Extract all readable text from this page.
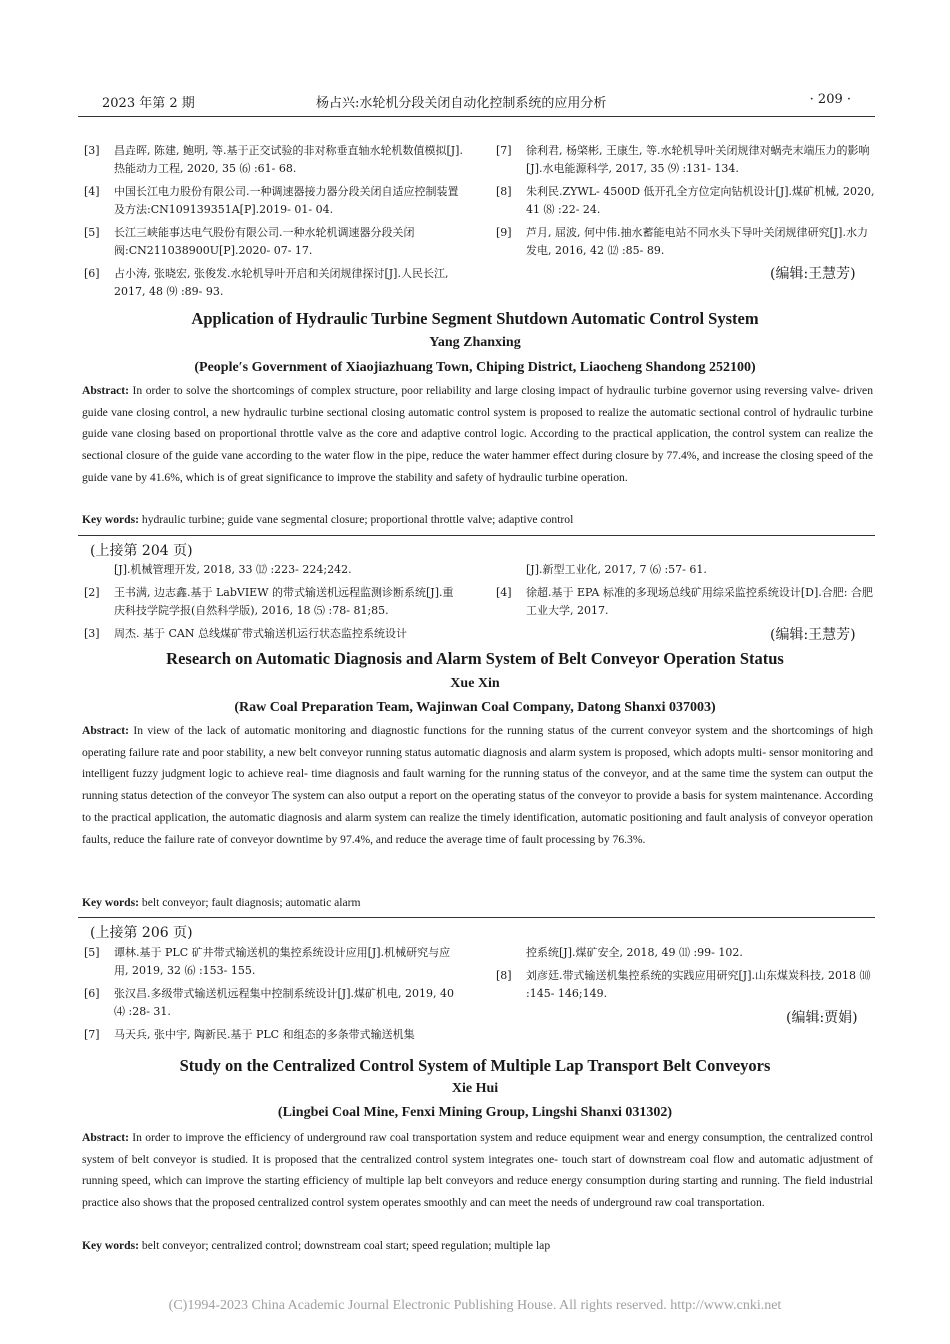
2023 年第 2 期	杨占兴:水轮机分段关闭自动化控制系统的应用分析	· 209 ·
[3] 昌垚晖, 陈建, 鲍明, 等.基于正交试验的非对称垂直轴水轮机数值模拟[J].热能动力工程, 2020, 35 ⑹ :61- 68.
[4] 中国长江电力股份有限公司.一种调速器接力器分段关闭自适应控制装置及方法:CN109139351A[P].2019- 01- 04.
[5] 长江三峡能事达电气股份有限公司.一种水轮机调速器分段关闭阀:CN211038900U[P].2020- 07- 17.
[6] 占小涛, 张晓宏, 张俊发.水轮机导叶开启和关闭规律探讨[J].人民长江, 2017, 48 ⑼ :89- 93.
[7] 徐利君, 杨棨彬, 王康生, 等.水轮机导叶关闭规律对蜗壳末端压力的影响[J].水电能源科学, 2017, 35 ⑼ :131- 134.
[8] 朱利民.ZYWL- 4500D 低开孔全方位定向钻机设计[J].煤矿机械, 2020, 41 ⑻ :22- 24.
[9] 芦月, 屈波, 何中伟.抽水蓄能电站不同水头下导叶关闭规律研究[J].水力发电, 2016, 42 ⑿ :85- 89.
(编辑:王慧芳)
Application of Hydraulic Turbine Segment Shutdown Automatic Control System
Yang Zhanxing
(People′s Government of Xiaojiazhuang Town, Chiping District, Liaocheng Shandong 252100)
Abstract: In order to solve the shortcomings of complex structure, poor reliability and large closing impact of hydraulic turbine governor using reversing valve- driven guide vane closing control, a new hydraulic turbine sectional closing automatic control system is proposed to realize the automatic sectional control of hydraulic turbine guide vane closing based on proportional throttle valve as the core and adaptive control logic. According to the practical application, the control system can realize the sectional closure of the guide vane according to the water flow in the pipe, reduce the water hammer effect during closure by 77.4%, and increase the closing speed of the guide vane by 41.6%, which is of great significance to improve the stability and safety of hydraulic turbine operation.
Key words: hydraulic turbine; guide vane segmental closure; proportional throttle valve; adaptive control
(上接第 204 页)
[J].机械管理开发, 2018, 33 ⑿ :223- 224;242.
[2] 王书满, 边志鑫.基于 LabVIEW 的带式输送机远程监测诊断系统[J].重庆科技学院学报(自然科学版), 2016, 18 ⑸ :78- 81;85.
[3] 周杰. 基于 CAN 总线煤矿带式输送机运行状态监控系统设计
[J].新型工业化, 2017, 7 ⑹ :57- 61.
[4] 徐超.基于 EPA 标准的多现场总线矿用综采监控系统设计[D].合肥: 合肥工业大学, 2017.
(编辑:王慧芳)
Research on Automatic Diagnosis and Alarm System of Belt Conveyor Operation Status
Xue Xin
(Raw Coal Preparation Team, Wajinwan Coal Company, Datong Shanxi 037003)
Abstract: In view of the lack of automatic monitoring and diagnostic functions for the running status of the current conveyor system and the shortcomings of high operating failure rate and poor stability, a new belt conveyor running status automatic diagnosis and alarm system is proposed, which adopts multi- sensor monitoring and intelligent fuzzy judgment logic to achieve real- time diagnosis and fault warning for the running status of the conveyor, and at the same time the system can output the running status detection of the conveyor The system can also output a report on the operating status of the conveyor to provide a basis for system maintenance. According to the practical application, the automatic diagnosis and alarm system can realize the timely identification, automatic positioning and fault analysis of conveyor operation faults, reduce the failure rate of conveyor downtime by 97.4%, and reduce the average time of fault processing by 76.3%.
Key words: belt conveyor; fault diagnosis; automatic alarm
(上接第 206 页)
[5] 谭林.基于 PLC 矿井带式输送机的集控系统设计应用[J].机械研究与应用, 2019, 32 ⑹ :153- 155.
[6] 张汉昌.多级带式输送机远程集中控制系统设计[J].煤矿机电, 2019, 40 ⑷ :28- 31.
[7] 马天兵, 张中宇, 陶新民.基于 PLC 和组态的多条带式输送机集
控系统[J].煤矿安全, 2018, 49 ⑾ :99- 102.
[8] 刘彦廷.带式输送机集控系统的实践应用研究[J].山东煤炭科技, 2018 ⑽ :145- 146;149.
(编辑:贾娟)
Study on the Centralized Control System of Multiple Lap Transport Belt Conveyors
Xie Hui
(Lingbei Coal Mine, Fenxi Mining Group, Lingshi Shanxi 031302)
Abstract: In order to improve the efficiency of underground raw coal transportation system and reduce equipment wear and energy consumption, the centralized control system of belt conveyor is studied. It is proposed that the centralized control system integrates one- touch start of downstream coal flow and automatic adjustment of running speed, which can improve the starting efficiency of multiple lap belt conveyors and reduce energy consumption during starting and running. The field industrial practice also shows that the proposed centralized control system operates smoothly and can meet the needs of underground raw coal transportation.
Key words: belt conveyor; centralized control; downstream coal start; speed regulation; multiple lap
(C)1994-2023 China Academic Journal Electronic Publishing House. All rights reserved. http://www.cnki.net
